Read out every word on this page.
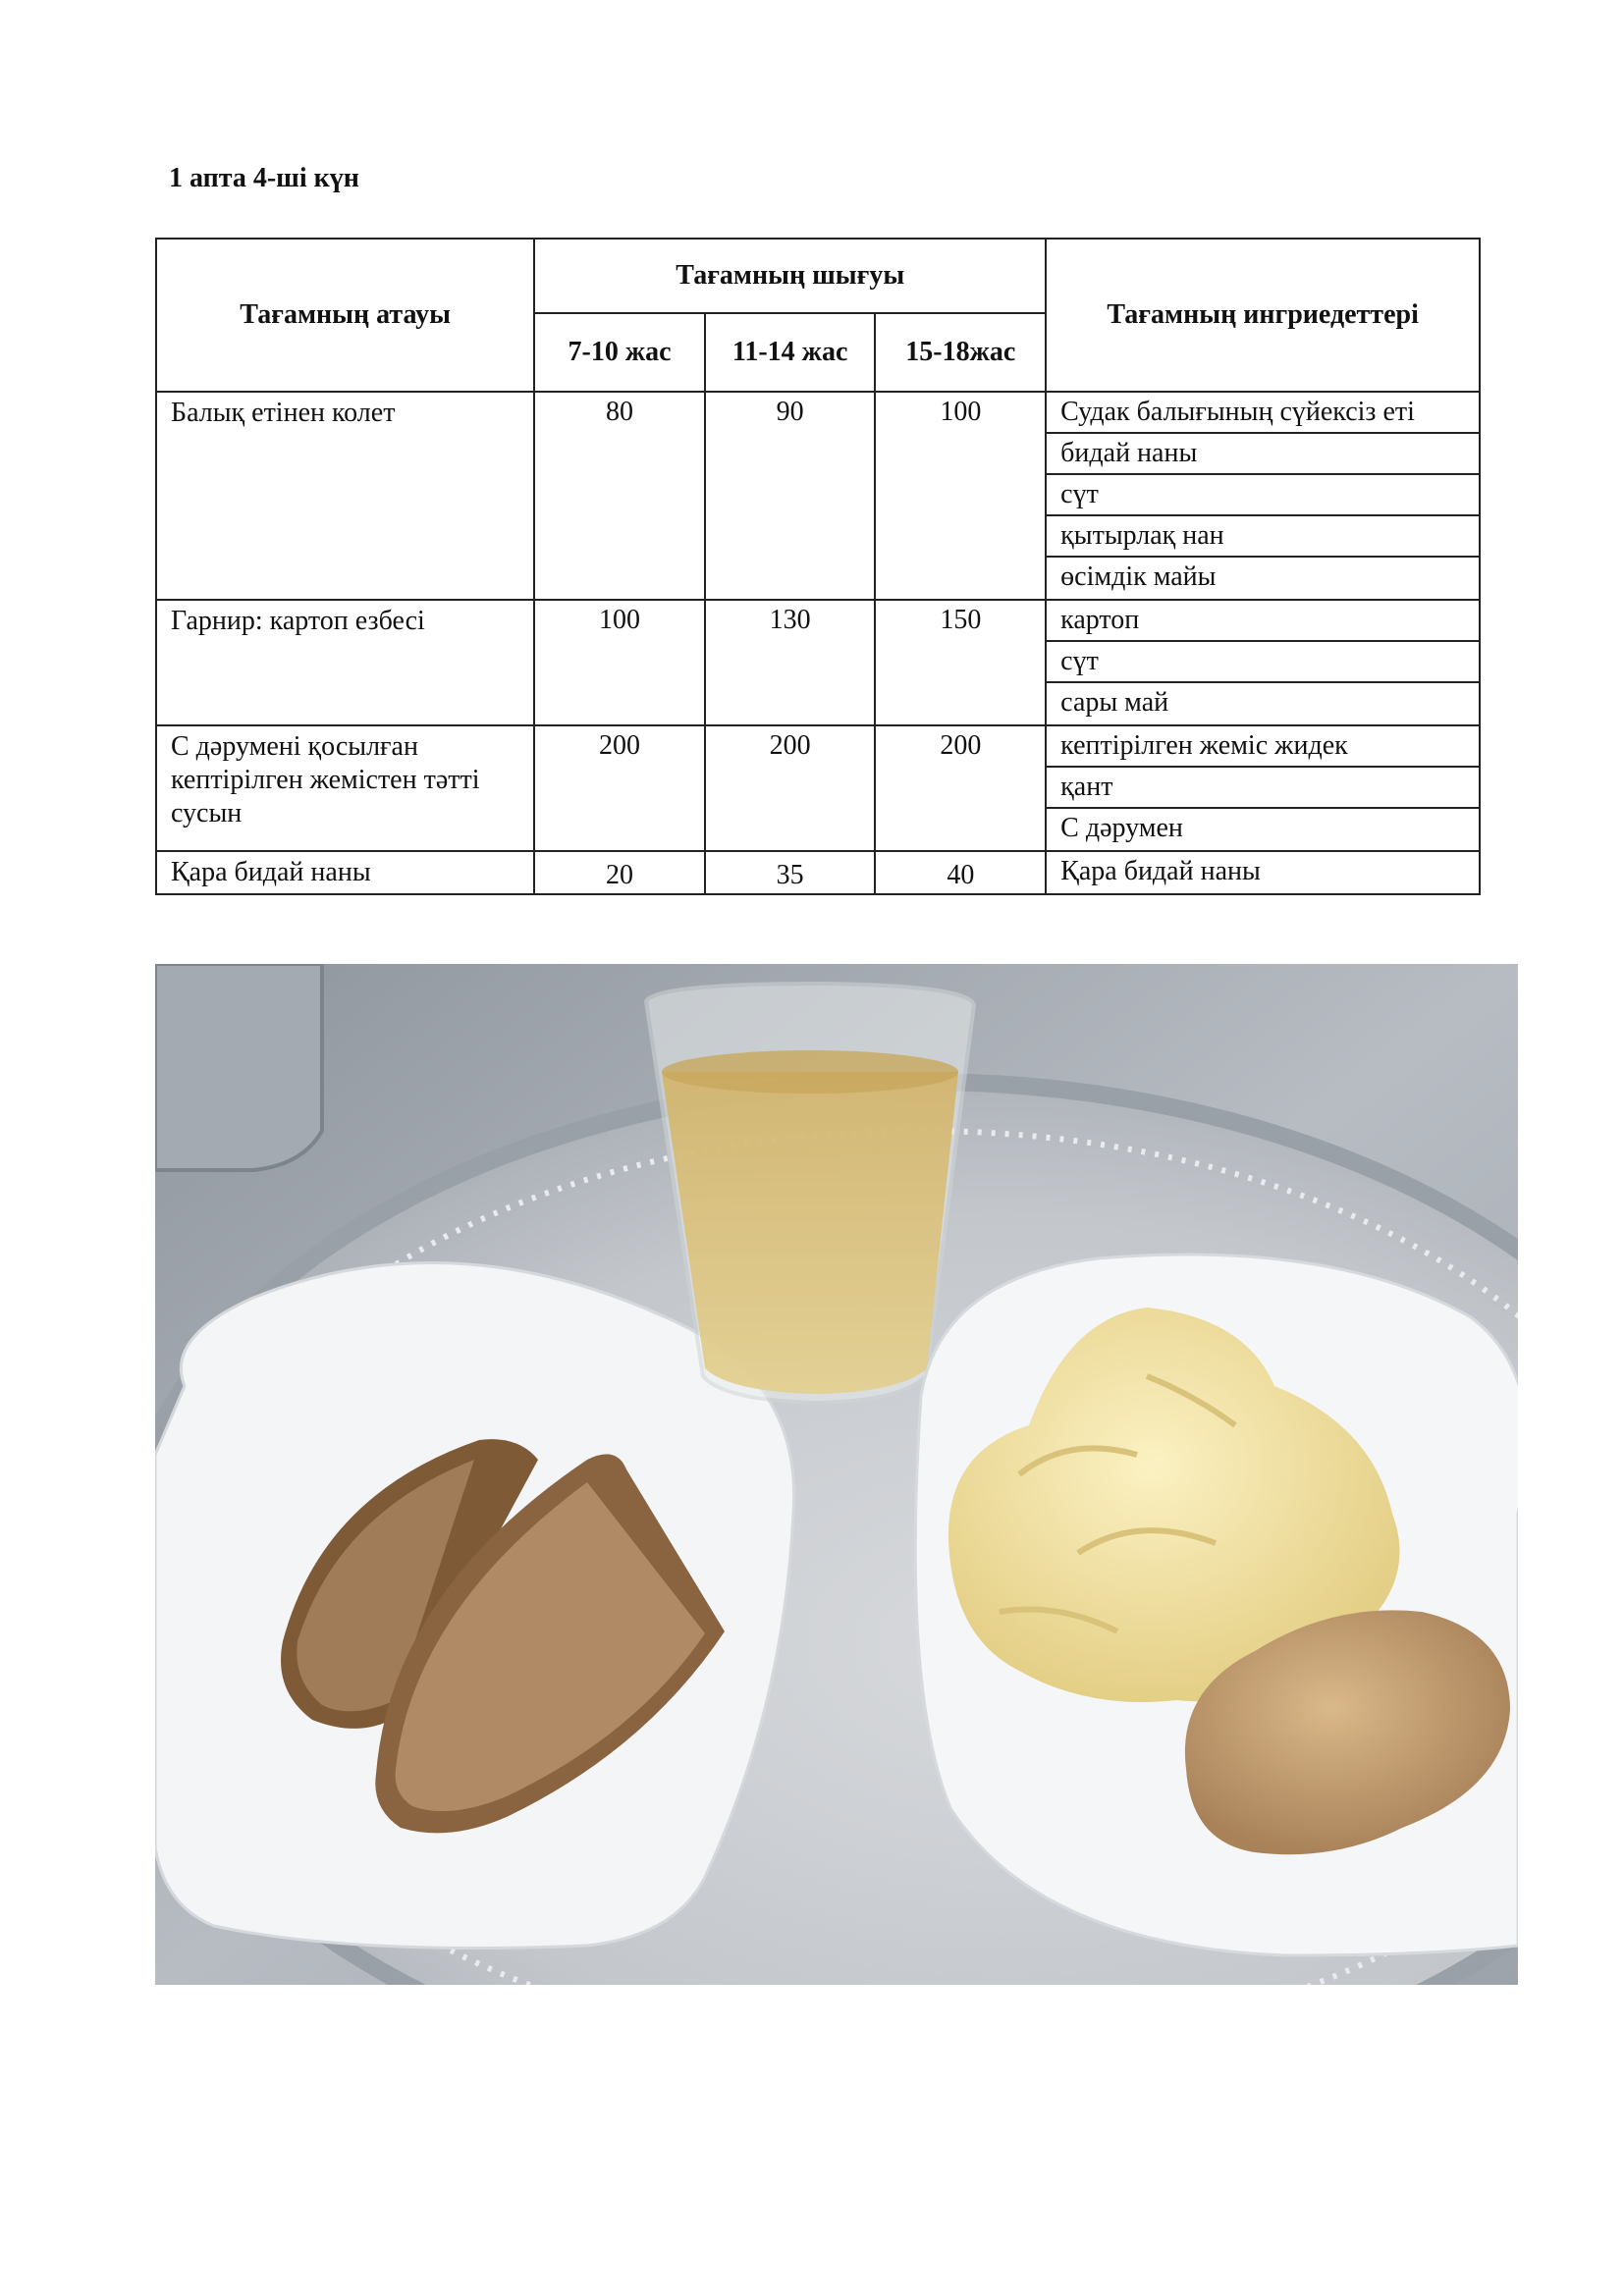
1 апта 4-ші күн
Тағамның атауы	Тағамның шығуы			Тағамның ингриедеттері
	7-10 жас	11-14 жас	15-18жас	
Балық етінен колет	80	90	100	Судак балығының сүйексіз еті
бидай наны
сүт
қытырлақ нан
өсімдік майы

Гарнир: картоп езбесі	100	130	150	картоп
сүт
сары май

С дәрумені қосылған кептірілген жемістен тәтті сусын	200	200	200	кептірілген жеміс жидек
қант
С дәрумен

Қара бидай наны	20	35	40	Қара бидай наны
